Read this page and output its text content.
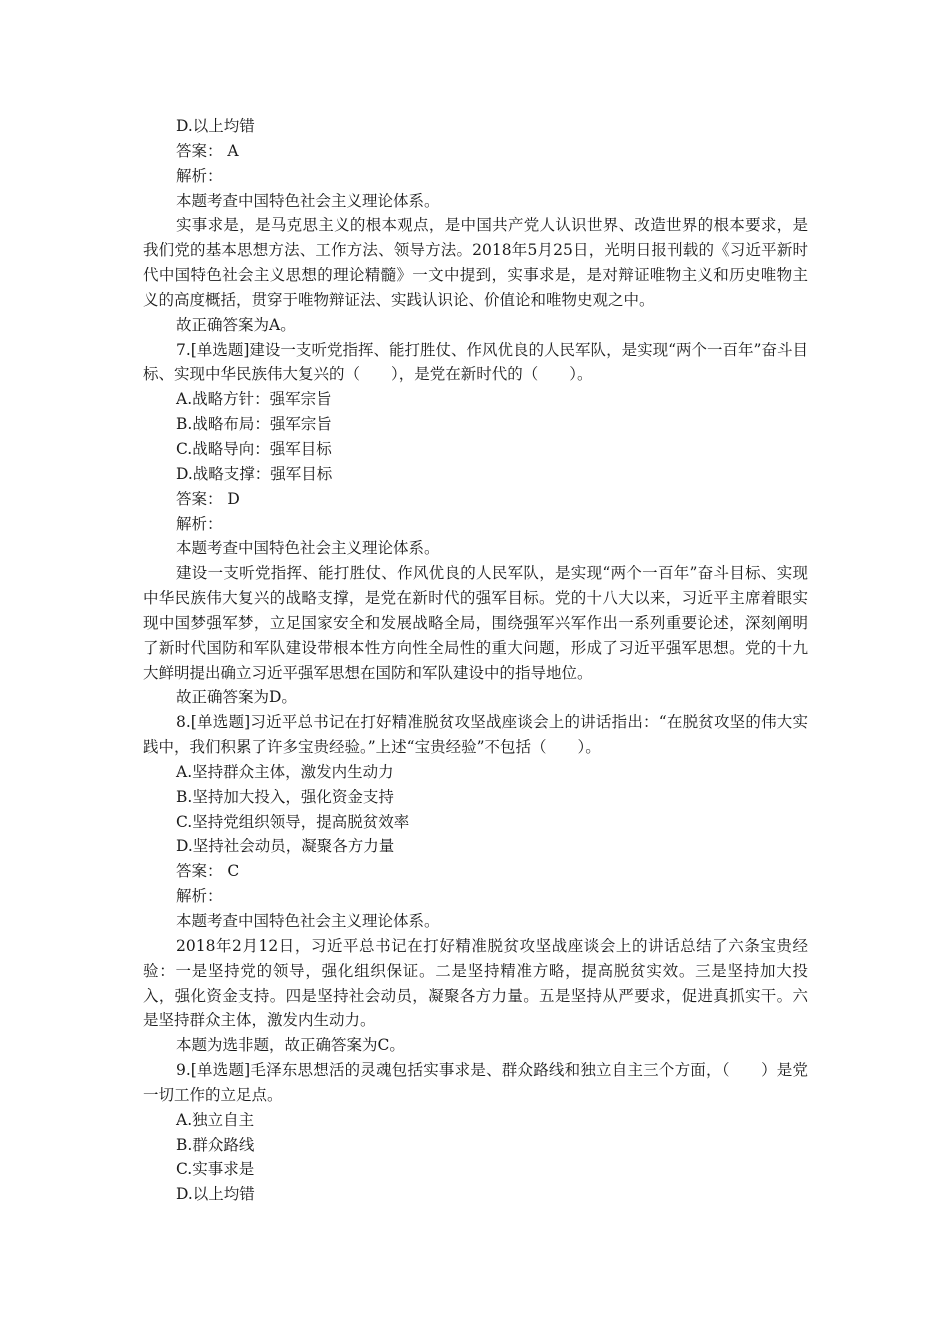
D.以上均错
答案： A
解析：
本题考查中国特色社会主义理论体系。
实事求是，是马克思主义的根本观点，是中国共产党人认识世界、改造世界的根本要求，是我们党的基本思想方法、工作方法、领导方法。2018年5月25日，光明日报刊载的《习近平新时代中国特色社会主义思想的理论精髓》一文中提到，实事求是，是对辩证唯物主义和历史唯物主义的高度概括，贯穿于唯物辩证法、实践认识论、价值论和唯物史观之中。
故正确答案为A。
7.[单选题]建设一支听党指挥、能打胜仗、作风优良的人民军队，是实现“两个一百年”奋斗目标、实现中华民族伟大复兴的（　　），是党在新时代的（　　）。
A.战略方针：强军宗旨
B.战略布局：强军宗旨
C.战略导向：强军目标
D.战略支撑：强军目标
答案： D
解析：
本题考查中国特色社会主义理论体系。
建设一支听党指挥、能打胜仗、作风优良的人民军队，是实现“两个一百年”奋斗目标、实现中华民族伟大复兴的战略支撑，是党在新时代的强军目标。党的十八大以来，习近平主席着眼实现中国梦强军梦，立足国家安全和发展战略全局，围绕强军兴军作出一系列重要论述，深刻阐明了新时代国防和军队建设带根本性方向性全局性的重大问题，形成了习近平强军思想。党的十九大鲜明提出确立习近平强军思想在国防和军队建设中的指导地位。
故正确答案为D。
8.[单选题]习近平总书记在打好精准脱贫攻坚战座谈会上的讲话指出：“在脱贫攻坚的伟大实践中，我们积累了许多宝贵经验。”上述“宝贵经验”不包括（　　）。
A.坚持群众主体，激发内生动力
B.坚持加大投入，强化资金支持
C.坚持党组织领导，提高脱贫效率
D.坚持社会动员，凝聚各方力量
答案： C
解析：
本题考查中国特色社会主义理论体系。
2018年2月12日，习近平总书记在打好精准脱贫攻坚战座谈会上的讲话总结了六条宝贵经验：一是坚持党的领导，强化组织保证。二是坚持精准方略，提高脱贫实效。三是坚持加大投入，强化资金支持。四是坚持社会动员，凝聚各方力量。五是坚持从严要求，促进真抓实干。六是坚持群众主体，激发内生动力。
本题为选非题，故正确答案为C。
9.[单选题]毛泽东思想活的灵魂包括实事求是、群众路线和独立自主三个方面，（　　）是党一切工作的立足点。
A.独立自主
B.群众路线
C.实事求是
D.以上均错
